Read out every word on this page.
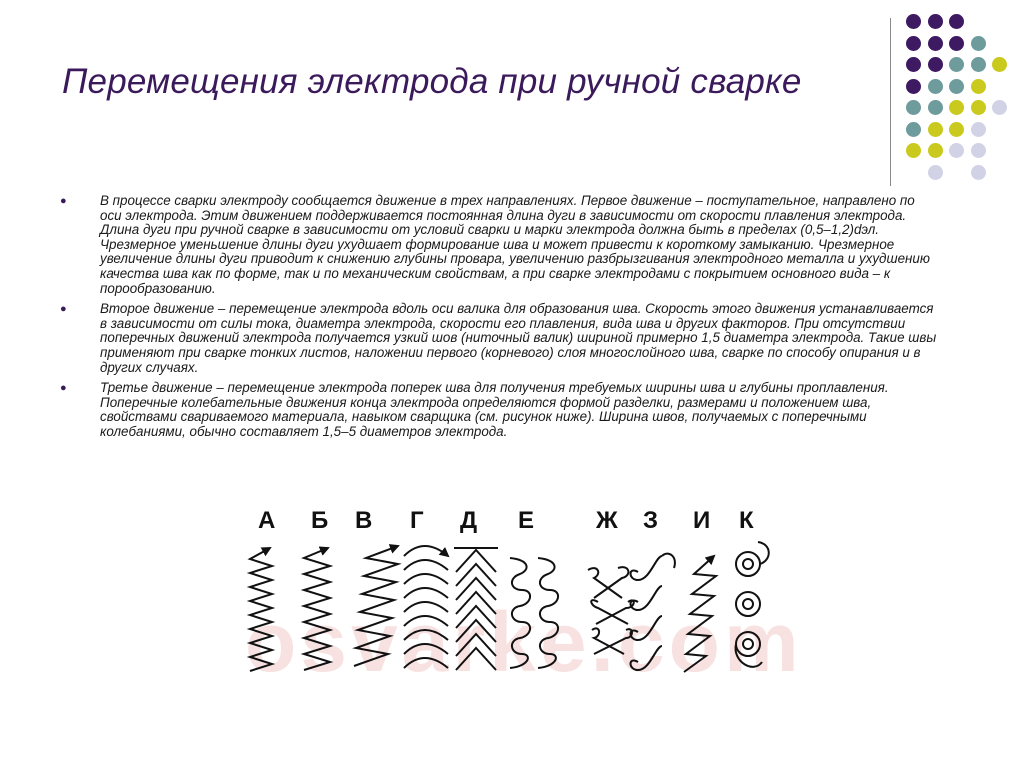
Перемещения электрода при ручной сварке
● В процессе сварки электроду сообщается движение в трех направлениях. Первое движение – поступательное, направлено по оси электрода. Этим движением поддерживается постоянная длина дуги в зависимости от скорости плавления электрода. Длина дуги при ручной сварке в зависимости от условий сварки и марки электрода должна быть в пределах (0,5–1,2)dэл. Чрезмерное уменьшение длины дуги ухудшает формирование шва и может привести к короткому замыканию. Чрезмерное увеличение длины дуги приводит к снижению глубины провара, увеличению разбрызгивания электродного металла и ухудшению качества шва как по форме, так и по механическим свойствам, а при сварке электродами с покрытием основного вида – к порообразованию.
● Второе движение – перемещение электрода вдоль оси валика для образования шва. Скорость этого движения устанавливается в зависимости от силы тока, диаметра электрода, скорости его плавления, вида шва и других факторов. При отсутствии поперечных движений электрода получается узкий шов (ниточный валик) шириной примерно 1,5 диаметра электрода. Такие швы применяют при сварке тонких листов, наложении первого (корневого) слоя многослойного шва, сварке по способу опирания и в других случаях.
● Третье движение – перемещение электрода поперек шва для получения требуемых ширины шва и глубины проплавления. Поперечные колебательные движения конца электрода определяются формой разделки, размерами и положением шва, свойствами свариваемого материала, навыком сварщика (см. рисунок ниже). Ширина швов, получаемых с поперечными колебаниями, обычно составляет 1,5–5 диаметров электрода.
osvarke.com
А Б В Г Д Е	Ж З И К
